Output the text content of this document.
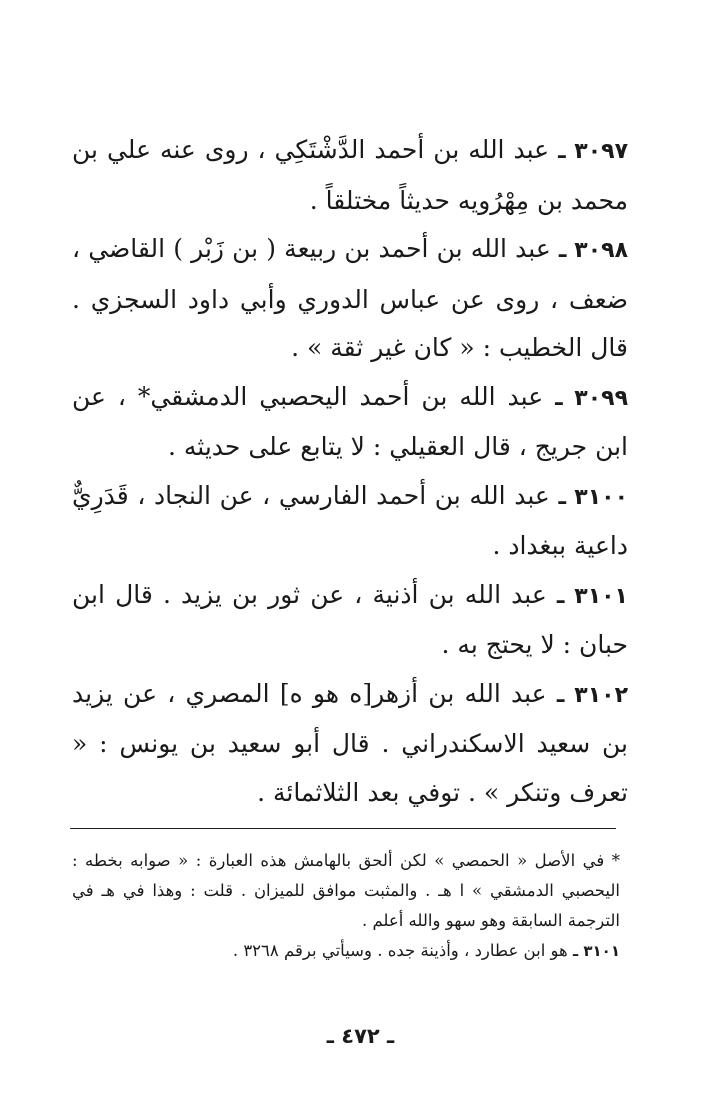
٣٠٩٧ ـ عبد الله بن أحمد الدَّشْتَكِي ، روى عنه علي بن محمد بن مِهْرُويه حديثاً مختلقاً .

٣٠٩٨ ـ عبد الله بن أحمد بن ربيعة ( بن زَبْر ) القاضي ، ضعف ، روى عن عباس الدوري وأبي داود السجزي . قال الخطيب : « كان غير ثقة » .

٣٠٩٩ ـ عبد الله بن أحمد اليحصبي الدمشقي* ، عن ابن جريج ، قال العقيلي : لا يتابع على حديثه .

٣١٠٠ ـ عبد الله بن أحمد الفارسي ، عن النجاد ، قَدَرِيٌّ داعية ببغداد .

٣١٠١ ـ عبد الله بن أذنية ، عن ثور بن يزيد . قال ابن حبان : لا يحتج به .

٣١٠٢ ـ عبد الله بن أزهر[ه هو ه] المصري ، عن يزيد بن سعيد الاسكندراني . قال أبو سعيد بن يونس : « تعرف وتنكر » . توفي بعد الثلاثمائة .

* في الأصل « الحمصي » لكن ألحق بالهامش هذه العبارة : « صوابه بخطه : اليحصبي الدمشقي » ا هـ . والمثبت موافق للميزان . قلت : وهذا في هـ في الترجمة السابقة وهو سهو والله أعلم .

٣١٠١ ـ هو ابن عطارد ، وأذينة جده . وسيأتي برقم ٣٢٦٨ .

ـ ٤٧٢ ـ
